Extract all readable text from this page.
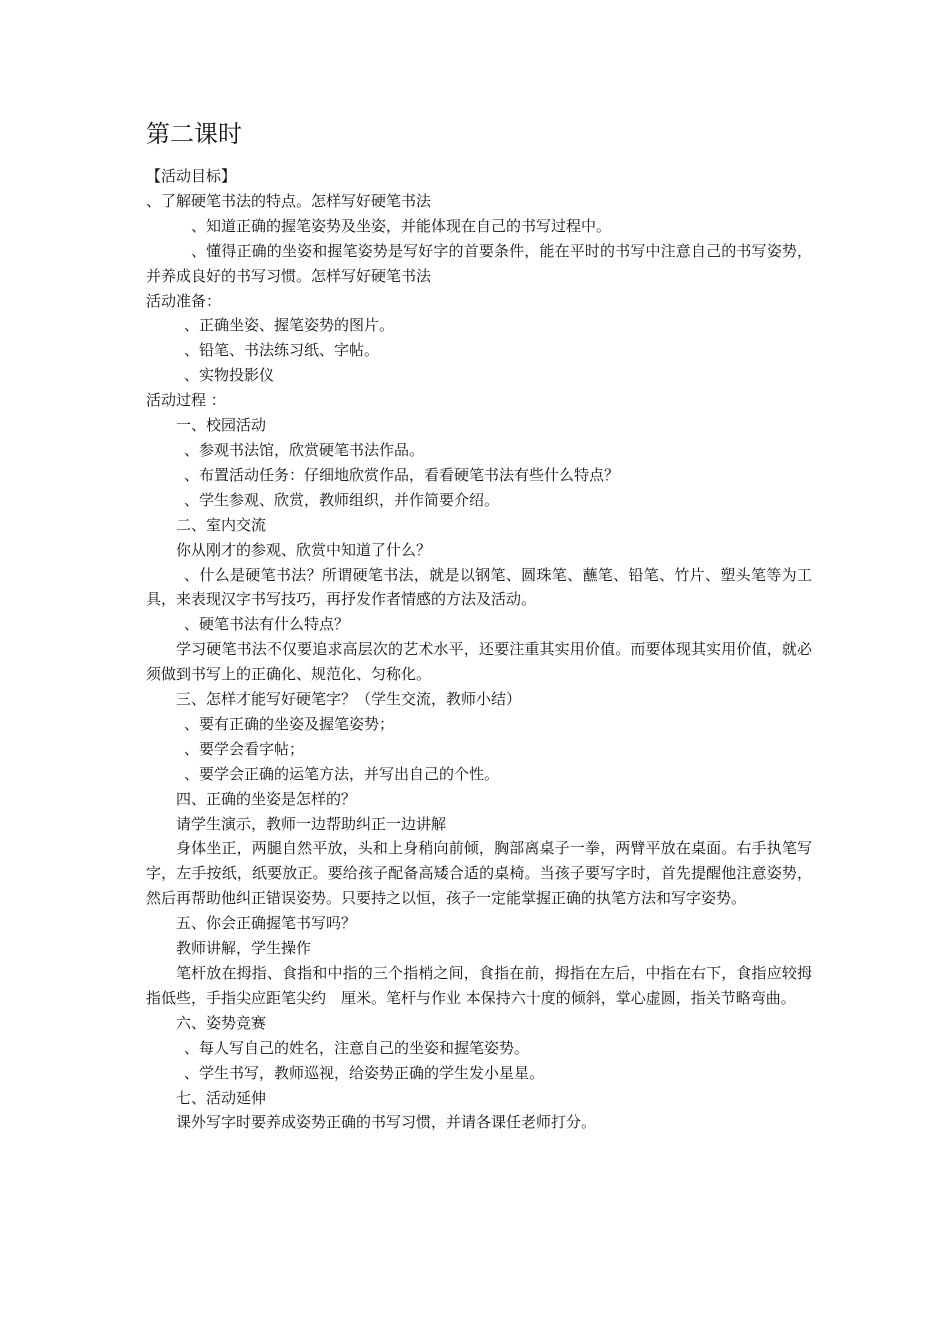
第二课时

【活动目标】

、了解硬笔书法的特点。怎样写好硬笔书法

、知道正确的握笔姿势及坐姿，并能体现在自己的书写过程中。

、懂得正确的坐姿和握笔姿势是写好字的首要条件，能在平时的书写中注意自己的书写姿势，并养成良好的书写习惯。怎样写好硬笔书法

活动准备：

、正确坐姿、握笔姿势的图片。

、铅笔、书法练习纸、字帖。

、实物投影仪

活动过程 ：

一、校园活动

、参观书法馆，欣赏硬笔书法作品。

、布置活动任务：仔细地欣赏作品，看看硬笔书法有些什么特点？

、学生参观、欣赏，教师组织，并作简要介绍。

二、室内交流

你从刚才的参观、欣赏中知道了什么？

、什么是硬笔书法？所谓硬笔书法，就是以钢笔、圆珠笔、蘸笔、铅笔、竹片、塑头笔等为工具，来表现汉字书写技巧，再抒发作者情感的方法及活动。

、硬笔书法有什么特点？

学习硬笔书法不仅要追求高层次的艺术水平，还要注重其实用价值。而要体现其实用价值，就必须做到书写上的正确化、规范化、匀称化。

三、怎样才能写好硬笔字？（学生交流，教师小结）

、要有正确的坐姿及握笔姿势；

、要学会看字帖；

、要学会正确的运笔方法，并写出自己的个性。

四、正确的坐姿是怎样的？

请学生演示，教师一边帮助纠正一边讲解

身体坐正，两腿自然平放，头和上身稍向前倾，胸部离桌子一拳，两臂平放在桌面。右手执笔写字，左手按纸，纸要放正。要给孩子配备高矮合适的桌椅。当孩子要写字时，首先提醒他注意姿势，然后再帮助他纠正错误姿势。只要持之以恒，孩子一定能掌握正确的执笔方法和写字姿势。

五、你会正确握笔书写吗？

教师讲解，学生操作

笔杆放在拇指、食指和中指的三个指梢之间，食指在前，拇指在左后，中指在右下，食指应较拇指低些，手指尖应距笔尖约　厘米。笔杆与作业 本保持六十度的倾斜，掌心虚圆，指关节略弯曲。

六、姿势竞赛

、每人写自己的姓名，注意自己的坐姿和握笔姿势。

、学生书写，教师巡视，给姿势正确的学生发小星星。

七、活动延伸

课外写字时要养成姿势正确的书写习惯，并请各课任老师打分。
